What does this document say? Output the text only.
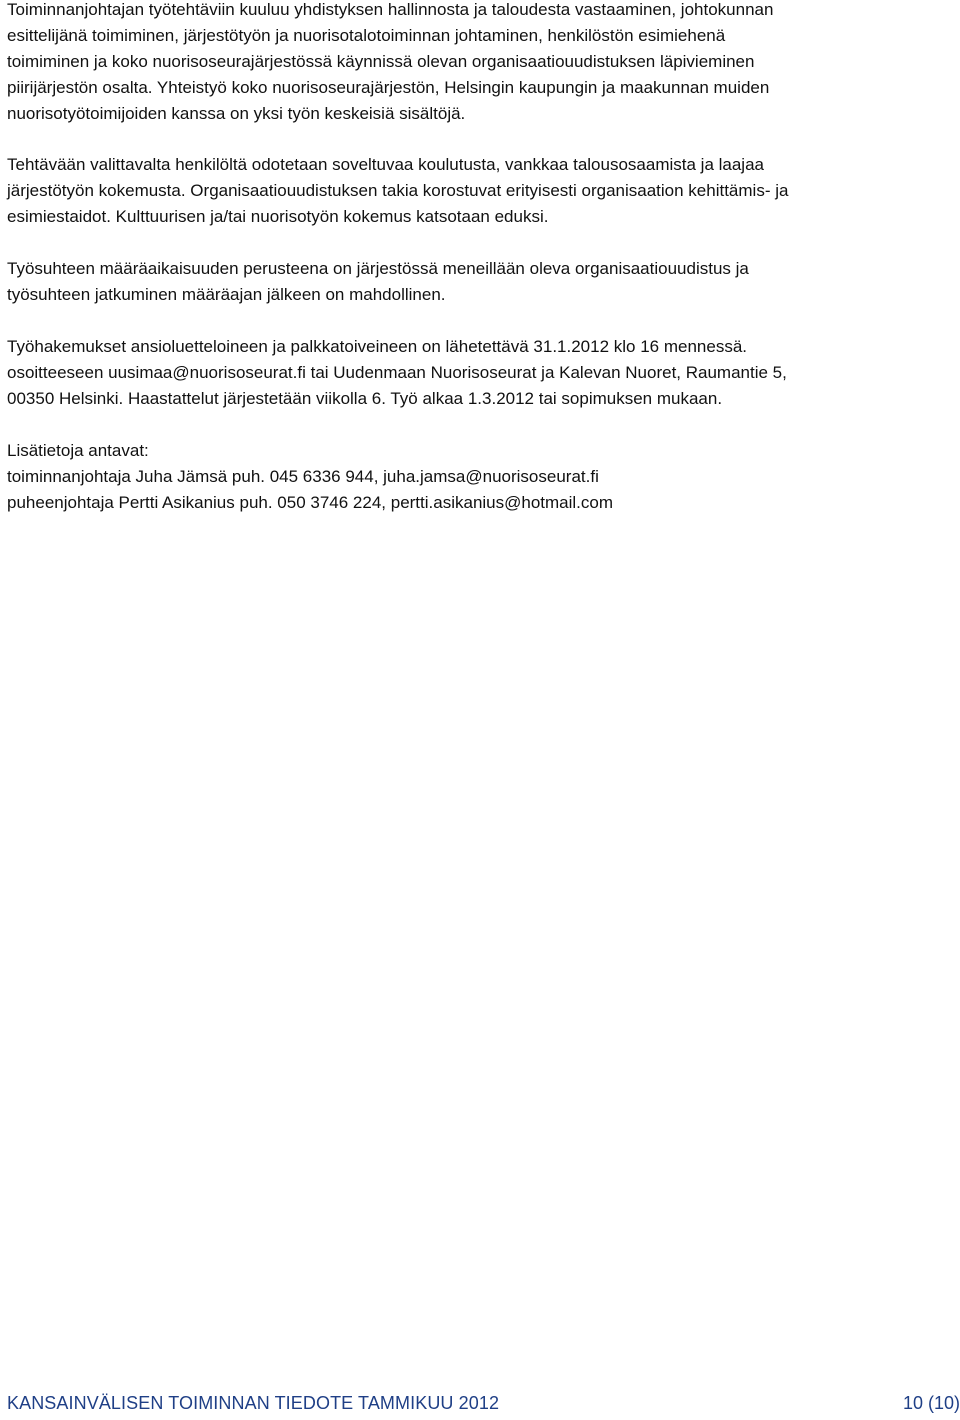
Toiminnanjohtajan työtehtäviin kuuluu yhdistyksen hallinnosta ja taloudesta vastaaminen, johtokunnan
esittelijänä toimiminen, järjestötyön ja nuorisotalotoiminnan johtaminen, henkilöstön esimiehenä
toimiminen ja koko nuorisoseurajärjestössä käynnissä olevan organisaatiouudistuksen läpivieminen
piirijärjestön osalta. Yhteistyö koko nuorisoseurajärjestön, Helsingin kaupungin ja maakunnan muiden
nuorisotyötoimijoiden kanssa on yksi työn keskeisiä sisältöjä.
Tehtävään valittavalta henkilöltä odotetaan soveltuvaa koulutusta, vankkaa talousosaamista ja laajaa
järjestötyön kokemusta. Organisaatiouudistuksen takia korostuvat erityisesti organisaation kehittämis- ja
esimiestaidot. Kulttuurisen ja/tai nuorisotyön kokemus katsotaan eduksi.
Työsuhteen määräaikaisuuden perusteena on järjestössä meneillään oleva organisaatiouudistus ja
työsuhteen jatkuminen määräajan jälkeen on mahdollinen.
Työhakemukset ansioluetteloineen ja palkkatoiveineen on lähetettävä 31.1.2012 klo 16 mennessä.
osoitteeseen uusimaa@nuorisoseurat.fi tai Uudenmaan Nuorisoseurat ja Kalevan Nuoret, Raumantie 5,
00350 Helsinki. Haastattelut järjestetään viikolla 6. Työ alkaa 1.3.2012 tai sopimuksen mukaan.
Lisätietoja antavat:
toiminnanjohtaja Juha Jämsä puh. 045 6336 944, juha.jamsa@nuorisoseurat.fi
puheenjohtaja Pertti Asikanius puh. 050 3746 224, pertti.asikanius@hotmail.com
KANSAINVÄLISEN TOIMINNAN TIEDOTE TAMMIKUU 2012	10 (10)
